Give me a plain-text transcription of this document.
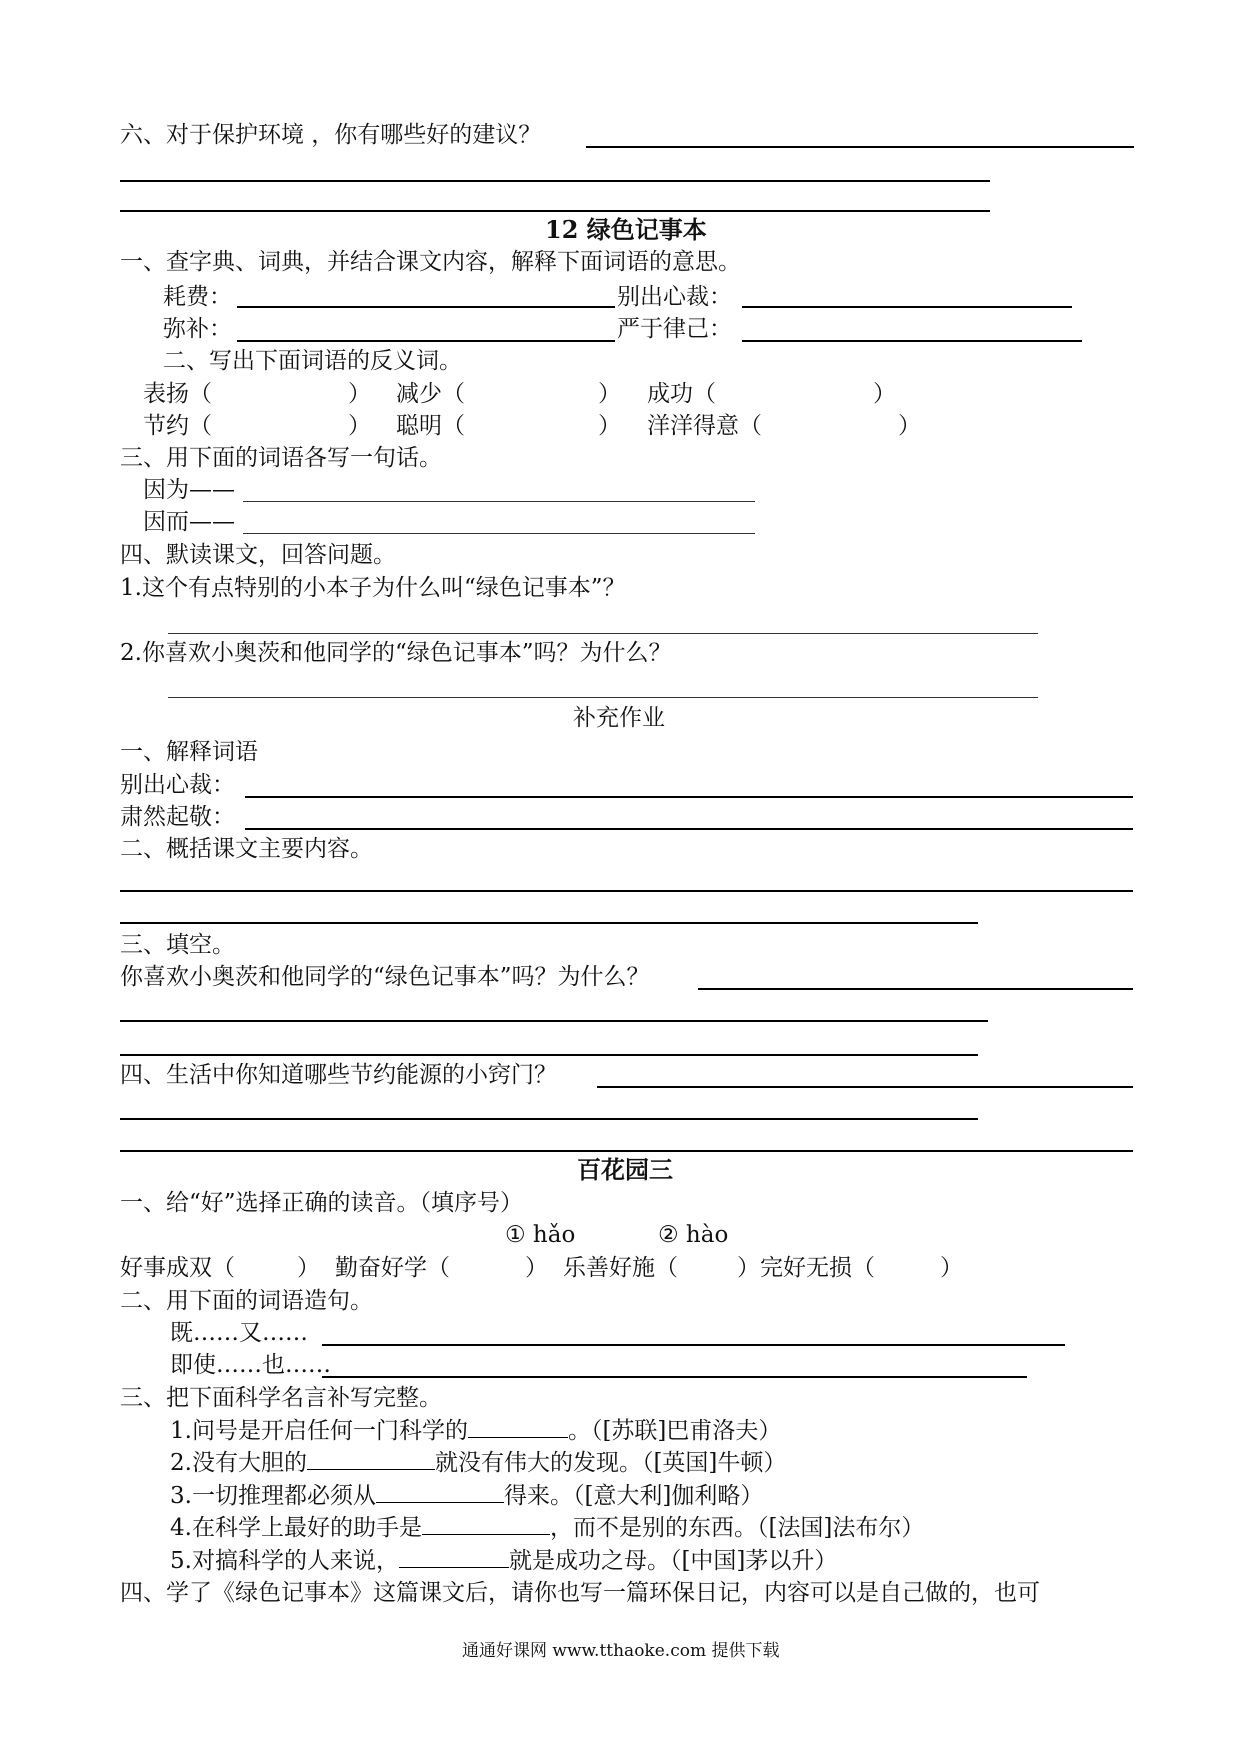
六、对于保护环境 ，你有哪些好的建议？
12 绿色记事本
一、查字典、词典，并结合课文内容，解释下面词语的意思。
耗费：	别出心裁：
弥补：	严于律己：
二、写出下面词语的反义词。
表扬（	） 减少（	） 成功（	）
节约（	） 聪明（	） 洋洋得意（	）
三、用下面的词语各写一句话。
因为——
因而——
四、默读课文，回答问题。
1.这个有点特别的小本子为什么叫“绿色记事本”？
2.你喜欢小奥茨和他同学的“绿色记事本”吗？为什么？
补充作业
一、解释词语
别出心裁：
肃然起敬：
二、概括课文主要内容。
三、填空。
你喜欢小奥茨和他同学的“绿色记事本”吗？为什么？
四、生活中你知道哪些节约能源的小窍门？
百花园三
一、给“好”选择正确的读音。（填序号）
① hǎo	② hào
好事成双（	） 勤奋好学（	） 乐善好施（	）完好无损（	）
二、用下面的词语造句。
既……又……
即使……也……
三、把下面科学名言补写完整。
1.问号是开启任何一门科学的	。（[苏联]巴甫洛夫）
2.没有大胆的	就没有伟大的发现。（[英国]牛顿）
3.一切推理都必须从	得来。（[意大利]伽利略）
4.在科学上最好的助手是	，而不是别的东西。（[法国]法布尔）
5.对搞科学的人来说，	就是成功之母。（[中国]茅以升）
四、学了《绿色记事本》这篇课文后，请你也写一篇环保日记，内容可以是自己做的，也可
通通好课网 www.tthaoke.com 提供下载
